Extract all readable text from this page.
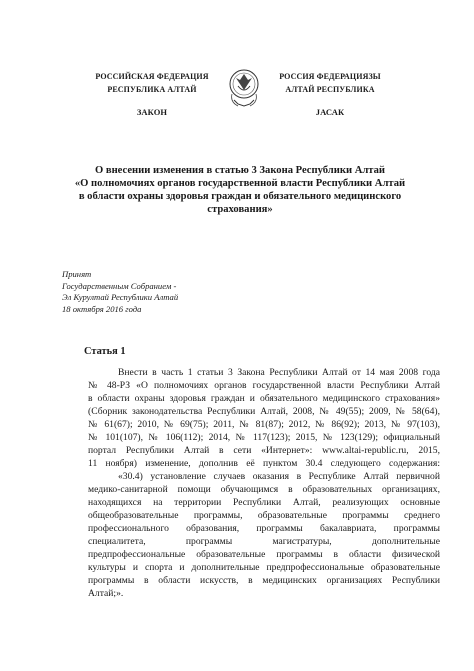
РОССИЙСКАЯ ФЕДЕРАЦИЯ
РЕСПУБЛИКА АЛТАЙ
ЗАКОН
РОССИЯ ФЕДЕРАЦИЯЗЫ
АЛТАЙ РЕСПУБЛИКА
ЈАСАК
О внесении изменения в статью 3 Закона Республики Алтай
«О полномочиях органов государственной власти Республики Алтай
в области охраны здоровья граждан и обязательного медицинского
страхования»
Принят
Государственным Собранием -
Эл Курултай Республики Алтай
18 октября 2016 года
Статья 1
Внести в часть 1 статьи 3 Закона Республики Алтай от 14 мая 2008 года
№ 48-РЗ «О полномочиях органов государственной власти Республики Алтай
в области охраны здоровья граждан и обязательного медицинского страхования»
(Сборник законодательства Республики Алтай, 2008, № 49(55); 2009, № 58(64),
№ 61(67); 2010, № 69(75); 2011, № 81(87); 2012, № 86(92); 2013, № 97(103),
№ 101(107), № 106(112); 2014, № 117(123); 2015, № 123(129); официальный
портал Республики Алтай в сети «Интернет»: www.altai-republic.ru, 2015,
11 ноября) изменение, дополнив её пунктом 30.4 следующего содержания:
«30.4) установление случаев оказания в Республике Алтай первичной
медико-санитарной помощи обучающимся в образовательных организациях,
находящихся на территории Республики Алтай, реализующих основные
общеобразовательные программы, образовательные программы среднего
профессионального образования, программы бакалавриата, программы
специалитета, программы магистратуры, дополнительные
предпрофессиональные образовательные программы в области физической
культуры и спорта и дополнительные предпрофессиональные образовательные
программы в области искусств, в медицинских организациях Республики
Алтай;».
